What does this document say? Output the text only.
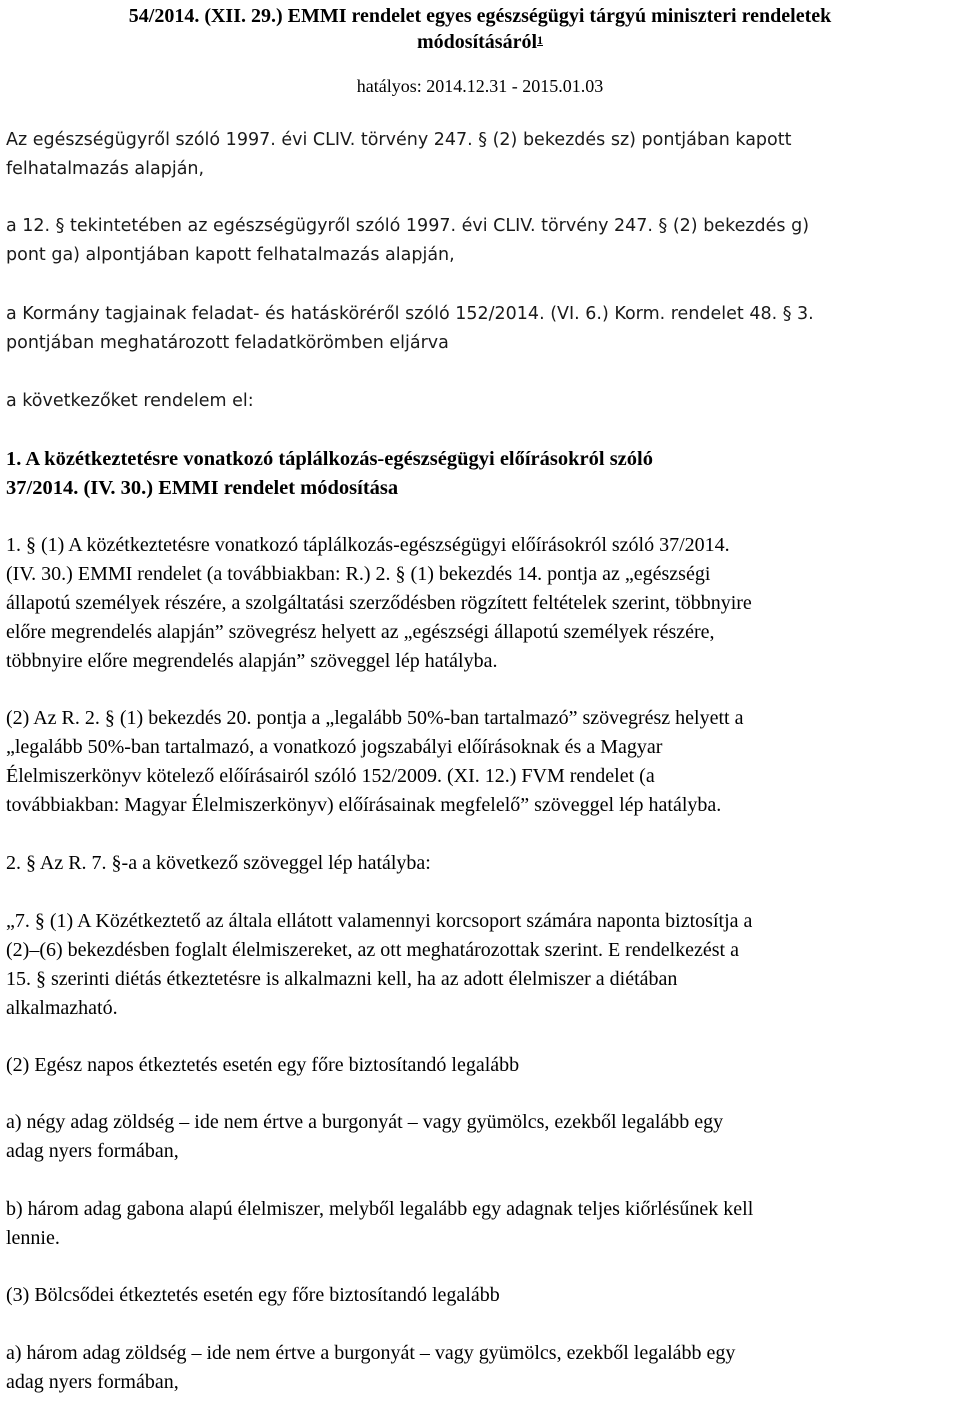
54/2014. (XII. 29.) EMMI rendelet egyes egészségügyi tárgyú miniszteri rendeletek
módosításáról$^1$
hatályos: 2014.12.31 - 2015.01.03
Az egészségügyről szóló 1997. évi CLIV. törvény 247. § (2) bekezdés sz) pontjában kapott
felhatalmazás alapján,
a 12. § tekintetében az egészségügyről szóló 1997. évi CLIV. törvény 247. § (2) bekezdés g)
pont ga) alpontjában kapott felhatalmazás alapján,
a Kormány tagjainak feladat- és hatásköréről szóló 152/2014. (VI. 6.) Korm. rendelet 48. § 3.
pontjában meghatározott feladatkörömben eljárva
a következőket rendelem el:
1. A közétkeztetésre vonatkozó táplálkozás-egészségügyi előírásokról szóló
37/2014. (IV. 30.) EMMI rendelet módosítása
1. § (1) A közétkeztetésre vonatkozó táplálkozás-egészségügyi előírásokról szóló 37/2014.
(IV. 30.) EMMI rendelet (a továbbiakban: R.) 2. § (1) bekezdés 14. pontja az „egészségi
állapotú személyek részére, a szolgáltatási szerződésben rögzített feltételek szerint, többnyire
előre megrendelés alapján” szövegrész helyett az „egészségi állapotú személyek részére,
többnyire előre megrendelés alapján” szöveggel lép hatályba.
(2) Az R. 2. § (1) bekezdés 20. pontja a „legalább 50%-ban tartalmazó” szövegrész helyett a
„legalább 50%-ban tartalmazó, a vonatkozó jogszabályi előírásoknak és a Magyar
Élelmiszerkönyv kötelező előírásairól szóló 152/2009. (XI. 12.) FVM rendelet (a
továbbiakban: Magyar Élelmiszerkönyv) előírásainak megfelelő” szöveggel lép hatályba.
2. § Az R. 7. §-a a következő szöveggel lép hatályba:
„7. § (1) A Közétkeztető az általa ellátott valamennyi korcsoport számára naponta biztosítja a
(2)–(6) bekezdésben foglalt élelmiszereket, az ott meghatározottak szerint. E rendelkezést a
15. § szerinti diétás étkeztetésre is alkalmazni kell, ha az adott élelmiszer a diétában
alkalmazható.
(2) Egész napos étkeztetés esetén egy főre biztosítandó legalább
a) négy adag zöldség – ide nem értve a burgonyát – vagy gyümölcs, ezekből legalább egy
adag nyers formában,
b) három adag gabona alapú élelmiszer, melyből legalább egy adagnak teljes kiőrlésűnek kell
lennie.
(3) Bölcsődei étkeztetés esetén egy főre biztosítandó legalább
a) három adag zöldség – ide nem értve a burgonyát – vagy gyümölcs, ezekből legalább egy
adag nyers formában,
